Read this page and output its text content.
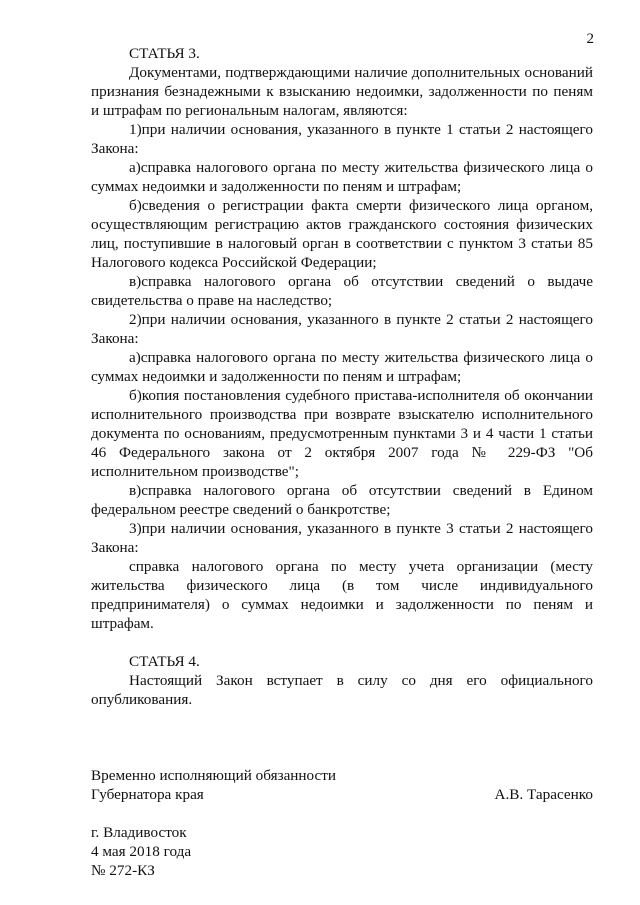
2

СТАТЬЯ 3.

Документами, подтверждающими наличие дополнительных оснований признания безнадежными к взысканию недоимки, задолженности по пеням и штрафам по региональным налогам, являются:

1)при наличии основания, указанного в пункте 1 статьи 2 настоящего Закона:

а)справка налогового органа по месту жительства физического лица о суммах недоимки и задолженности по пеням и штрафам;

б)сведения о регистрации факта смерти физического лица органом, осуществляющим регистрацию актов гражданского состояния физических лиц, поступившие в налоговый орган в соответствии с пунктом 3 статьи 85 Налогового кодекса Российской Федерации;

в)справка налогового органа об отсутствии сведений о выдаче свидетельства о праве на наследство;

2)при наличии основания, указанного в пункте 2 статьи 2 настоящего Закона:

а)справка налогового органа по месту жительства физического лица о суммах недоимки и задолженности по пеням и штрафам;

б)копия постановления судебного пристава-исполнителя об окончании исполнительного производства при возврате взыскателю исполнительного документа по основаниям, предусмотренным пунктами 3 и 4 части 1 статьи 46 Федерального закона от 2 октября 2007 года № 229-ФЗ "Об исполнительном производстве";

в)справка налогового органа об отсутствии сведений в Едином федеральном реестре сведений о банкротстве;

3)при наличии основания, указанного в пункте 3 статьи 2 настоящего Закона:

справка налогового органа по месту учета организации (месту жительства физического лица (в том числе индивидуального предпринимателя) о суммах недоимки и задолженности по пеням и штрафам.

СТАТЬЯ 4.

Настоящий Закон вступает в силу со дня его официального опубликования.

Временно исполняющий обязанности

Губернатора края	А.В. Тарасенко

г. Владивосток

4 мая 2018 года

№ 272-КЗ
